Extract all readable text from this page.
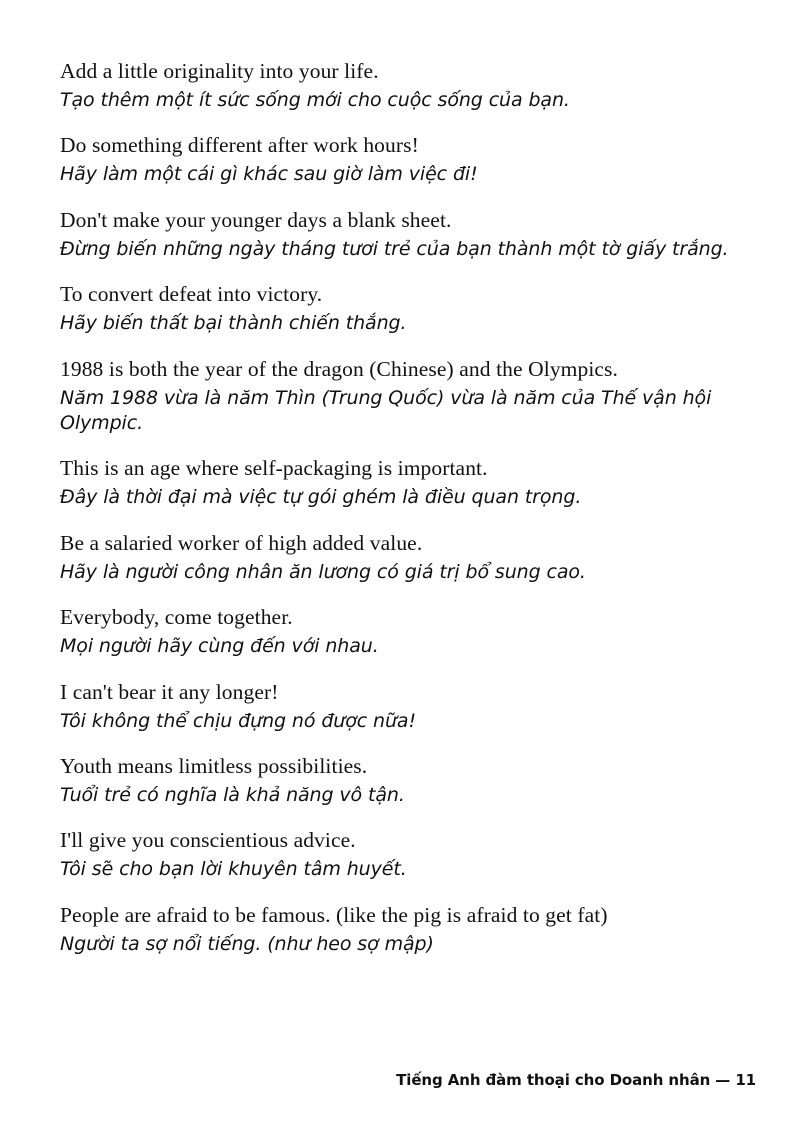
Add a little originality into your life.
Tạo thêm một ít sức sống mới cho cuộc sống của bạn.
Do something different after work hours!
Hãy làm một cái gì khác sau giờ làm việc đi!
Don't make your younger days a blank sheet.
Đừng biến những ngày tháng tươi trẻ của bạn thành một tờ giấy trắng.
To convert defeat into victory.
Hãy biến thất bại thành chiến thắng.
1988 is both the year of the dragon (Chinese) and the Olympics.
Năm 1988 vừa là năm Thìn (Trung Quốc) vừa là năm của Thế vận hội Olympic.
This is an age where self-packaging is important.
Đây là thời đại mà việc tự gói ghém là điều quan trọng.
Be a salaried worker of high added value.
Hãy là người công nhân ăn lương có giá trị bổ sung cao.
Everybody, come together.
Mọi người hãy cùng đến với nhau.
I can't bear it any longer!
Tôi không thể chịu đựng nó được nữa!
Youth means limitless possibilities.
Tuổi trẻ có nghĩa là khả năng vô tận.
I'll give you conscientious advice.
Tôi sẽ cho bạn lời khuyên tâm huyết.
People are afraid to be famous. (like the pig is afraid to get fat)
Người ta sợ nổi tiếng. (như heo sợ mập)
Tiếng Anh đàm thoại cho Doanh nhân — 11
